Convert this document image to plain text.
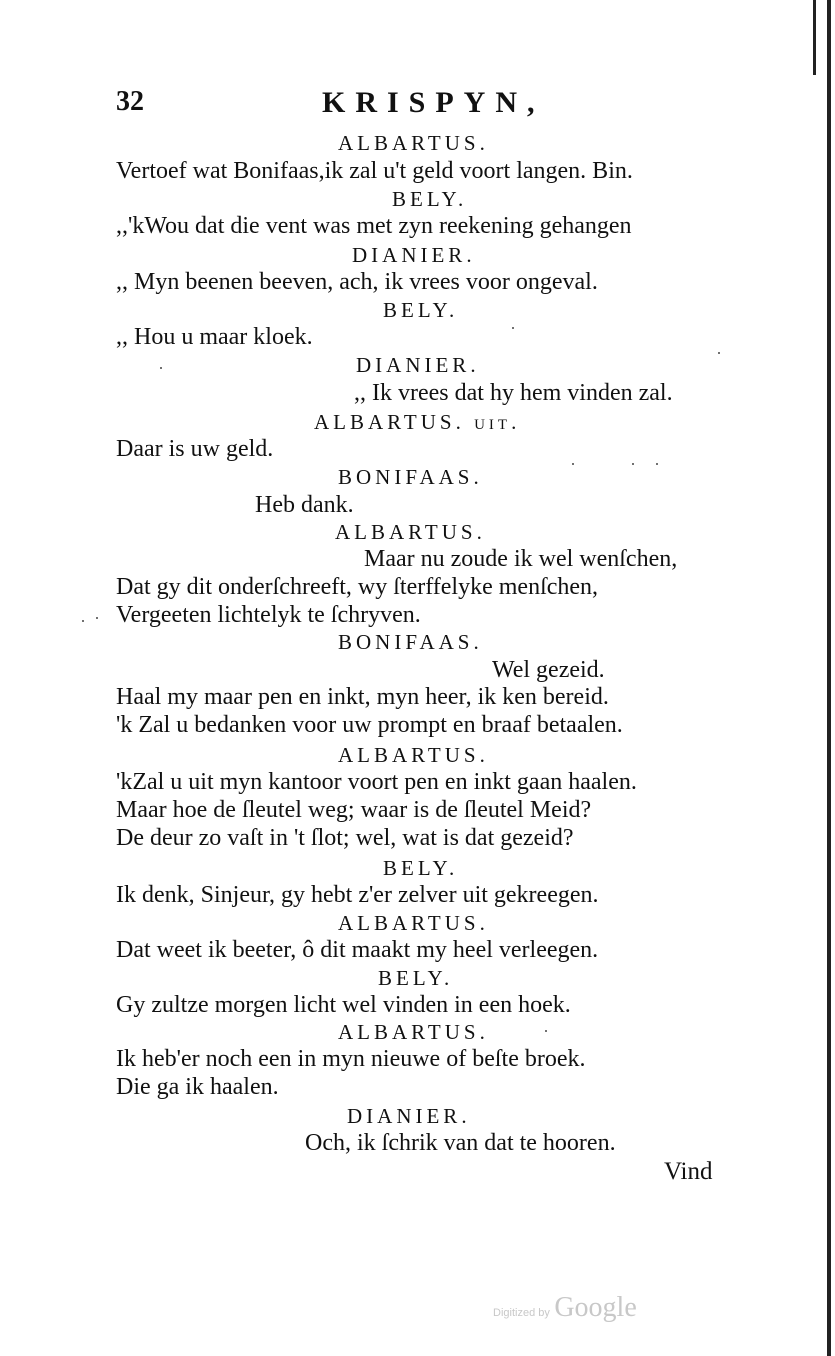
32	KRISPYN,
ALBARTUS.
Vertoef wat Bonifaas,ik zal u't geld voort langen. Bin.
BELY.
,,'kWou dat die vent was met zyn reekening gehangen
DIANIER.
,, Myn beenen beeven, ach, ik vrees voor ongeval.
BELY.
,, Hou u maar kloek.
DIANIER.
,, Ik vrees dat hy hem vinden zal.
ALBARTUS. uit.
Daar is uw geld.
BONIFAAS.
Heb dank.
ALBARTUS.
Maar nu zoude ik wel wenſchen,
Dat gy dit onderſchreeft, wy ſterffelyke menſchen,
Vergeeten lichtelyk te ſchryven.
BONIFAAS.
Wel gezeid.
Haal my maar pen en inkt, myn heer, ik ken bereid.
'k Zal u bedanken voor uw prompt en braaf betaalen.
ALBARTUS.
'kZal u uit myn kantoor voort pen en inkt gaan haalen.
Maar hoe de ſleutel weg; waar is de ſleutel Meid?
De deur zo vaſt in 't ſlot; wel, wat is dat gezeid?
BELY.
Ik denk, Sinjeur, gy hebt z'er zelver uit gekreegen.
ALBARTUS.
Dat weet ik beeter, ô dit maakt my heel verleegen.
BELY.
Gy zultze morgen licht wel vinden in een hoek.
ALBARTUS.
Ik heb'er noch een in myn nieuwe of beſte broek.
Die ga ik haalen.
DIANIER.
Och, ik ſchrik van dat te hooren.
Vind
Digitized by Google
